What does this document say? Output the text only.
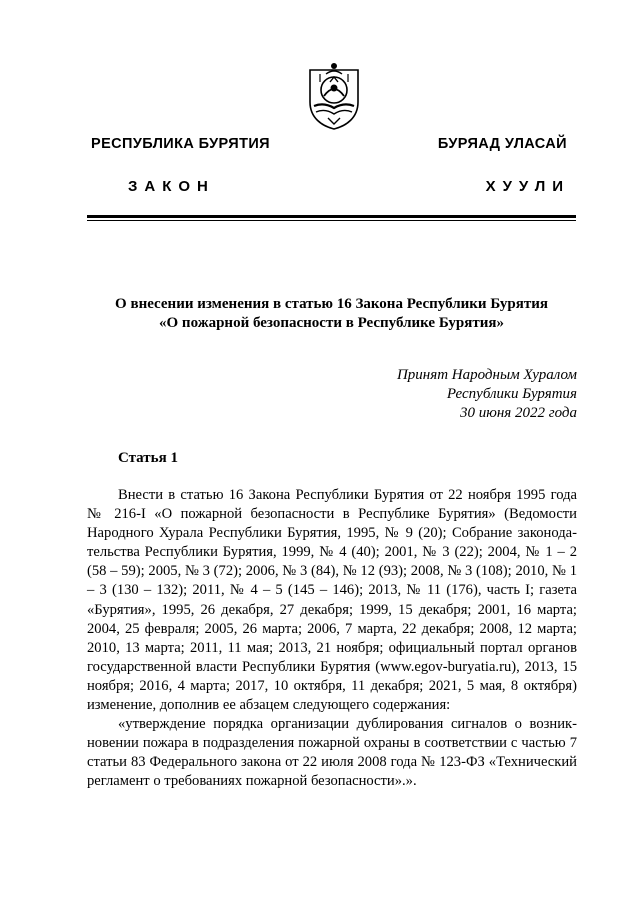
РЕСПУБЛИКА БУРЯТИЯ	БУРЯАД УЛАСАЙ
ЗАКОН	ХУУЛИ
О внесении изменения в статью 16 Закона Республики Бурятия
«О пожарной безопасности в Республике Бурятия»
Принят Народным Хуралом
Республики Бурятия
30 июня 2022 года
Статья 1

Внести в статью 16 Закона Республики Бурятия от 22 ноября 1995 года № 216-I «О пожарной безопасности в Республике Бурятия» (Ведомости Народного Хурала Республики Бурятия, 1995, № 9 (20); Собрание законодательства Республики Бурятия, 1999, № 4 (40); 2001, № 3 (22); 2004, № 1 – 2 (58 – 59); 2005, № 3 (72); 2006, № 3 (84), № 12 (93); 2008, № 3 (108); 2010, № 1 – 3 (130 – 132); 2011, № 4 – 5 (145 – 146); 2013, № 11 (176), часть I; газета «Бурятия», 1995, 26 декабря, 27 декабря; 1999, 15 декабря; 2001, 16 марта; 2004, 25 февраля; 2005, 26 марта; 2006, 7 марта, 22 декабря; 2008, 12 марта; 2010, 13 марта; 2011, 11 мая; 2013, 21 ноября; официальный портал органов государственной власти Республики Бурятия (www.egov-buryatia.ru), 2013, 15 ноября; 2016, 4 марта; 2017, 10 октября, 11 декабря; 2021, 5 мая, 8 октября) изменение, дополнив ее абзацем следующего содержания:

«утверждение порядка организации дублирования сигналов о возникновении пожара в подразделения пожарной охраны в соответствии с частью 7 статьи 83 Федерального закона от 22 июля 2008 года № 123-ФЗ «Технический регламент о требованиях пожарной безопасности».».
